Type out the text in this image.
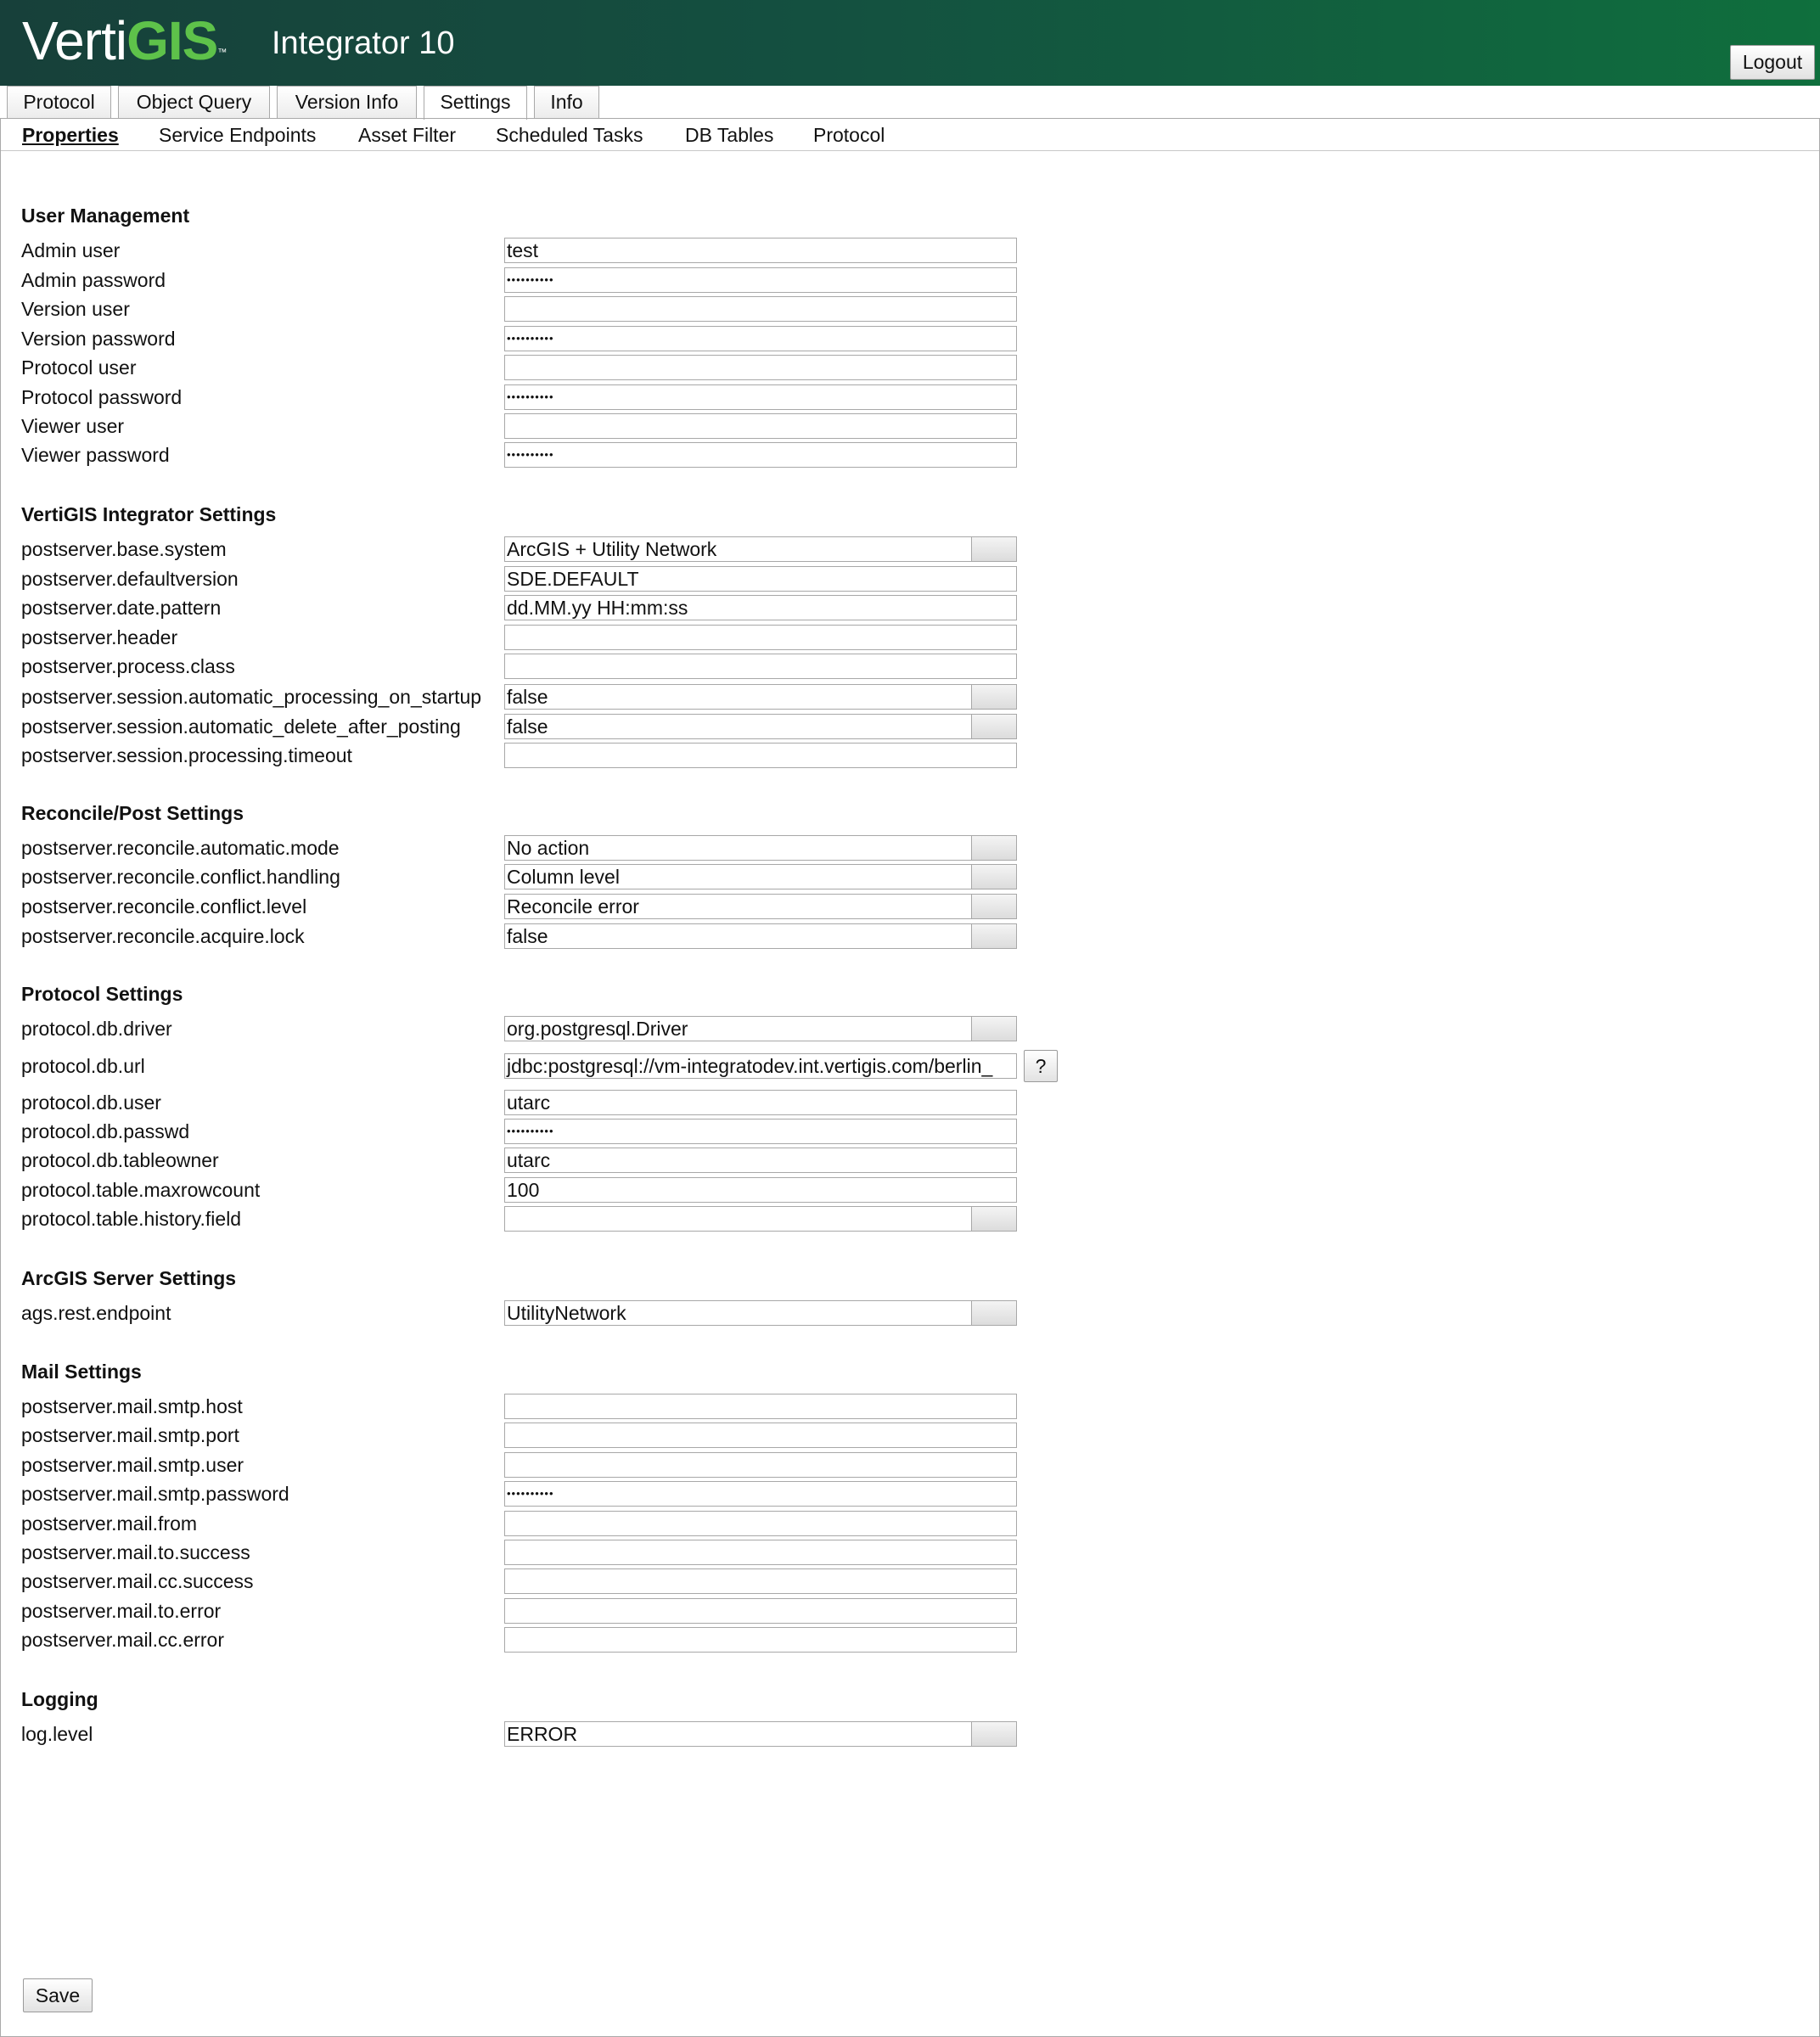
VertiGIS™ Integrator 10
Logout
Protocol	Object Query	Version Info	Settings	Info
Properties Service Endpoints Asset Filter Scheduled Tasks DB Tables Protocol
User Management
Admin user	test
Admin password	••••••••••
Version user
Version password	••••••••••
Protocol user
Protocol password	••••••••••
Viewer user
Viewer password	••••••••••
VertiGIS Integrator Settings
postserver.base.system	ArcGIS + Utility Network
postserver.defaultversion	SDE.DEFAULT
postserver.date.pattern	dd.MM.yy HH:mm:ss
postserver.header
postserver.process.class
postserver.session.automatic_processing_on_startup false
postserver.session.automatic_delete_after_posting false
postserver.session.processing.timeout
Reconcile/Post Settings
postserver.reconcile.automatic.mode	No action
postserver.reconcile.conflict.handling	Column level
postserver.reconcile.conflict.level	Reconcile error
postserver.reconcile.acquire.lock	false
Protocol Settings
protocol.db.driver	org.postgresql.Driver
protocol.db.url	jdbc:postgresql://vm-integratodev.int.vertigis.com/berlin_	?
protocol.db.user	utarc
protocol.db.passwd	••••••••••
protocol.db.tableowner	utarc
protocol.table.maxrowcount	100
protocol.table.history.field
ArcGIS Server Settings
ags.rest.endpoint	UtilityNetwork
Mail Settings
postserver.mail.smtp.host
postserver.mail.smtp.port
postserver.mail.smtp.user
postserver.mail.smtp.password	••••••••••
postserver.mail.from
postserver.mail.to.success
postserver.mail.cc.success
postserver.mail.to.error
postserver.mail.cc.error
Logging
log.level	ERROR
Save
